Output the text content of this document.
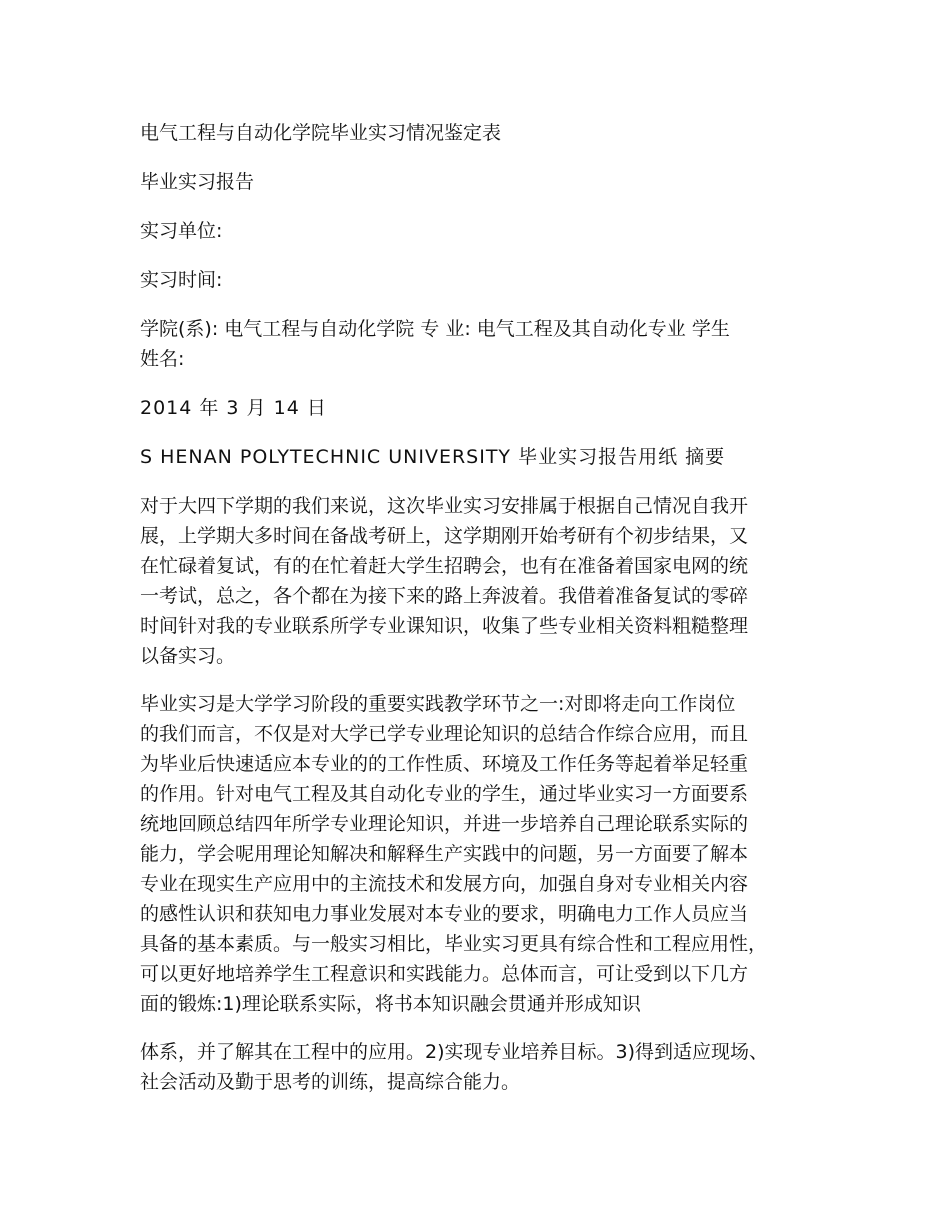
电气工程与自动化学院毕业实习情况鉴定表
毕业实习报告
实习单位:
实习时间:
学院(系): 电气工程与自动化学院 专 业: 电气工程及其自动化专业 学生
姓名:
2014 年 3 月 14 日
S HENAN POLYTECHNIC UNIVERSITY 毕业实习报告用纸 摘要
对于大四下学期的我们来说，这次毕业实习安排属于根据自己情况自我开
展，上学期大多时间在备战考研上，这学期刚开始考研有个初步结果，又
在忙碌着复试，有的在忙着赶大学生招聘会，也有在准备着国家电网的统
一考试，总之，各个都在为接下来的路上奔波着。我借着准备复试的零碎
时间针对我的专业联系所学专业课知识，收集了些专业相关资料粗糙整理
以备实习。
毕业实习是大学学习阶段的重要实践教学环节之一:对即将走向工作岗位
的我们而言，不仅是对大学已学专业理论知识的总结合作综合应用，而且
为毕业后快速适应本专业的的工作性质、环境及工作任务等起着举足轻重
的作用。针对电气工程及其自动化专业的学生，通过毕业实习一方面要系
统地回顾总结四年所学专业理论知识，并进一步培养自己理论联系实际的
能力，学会呢用理论知解决和解释生产实践中的问题，另一方面要了解本
专业在现实生产应用中的主流技术和发展方向，加强自身对专业相关内容
的感性认识和获知电力事业发展对本专业的要求，明确电力工作人员应当
具备的基本素质。与一般实习相比，毕业实习更具有综合性和工程应用性，
可以更好地培养学生工程意识和实践能力。总体而言，可让受到以下几方
面的锻炼:1)理论联系实际，将书本知识融会贯通并形成知识
体系，并了解其在工程中的应用。2)实现专业培养目标。3)得到适应现场、
社会活动及勤于思考的训练，提高综合能力。
